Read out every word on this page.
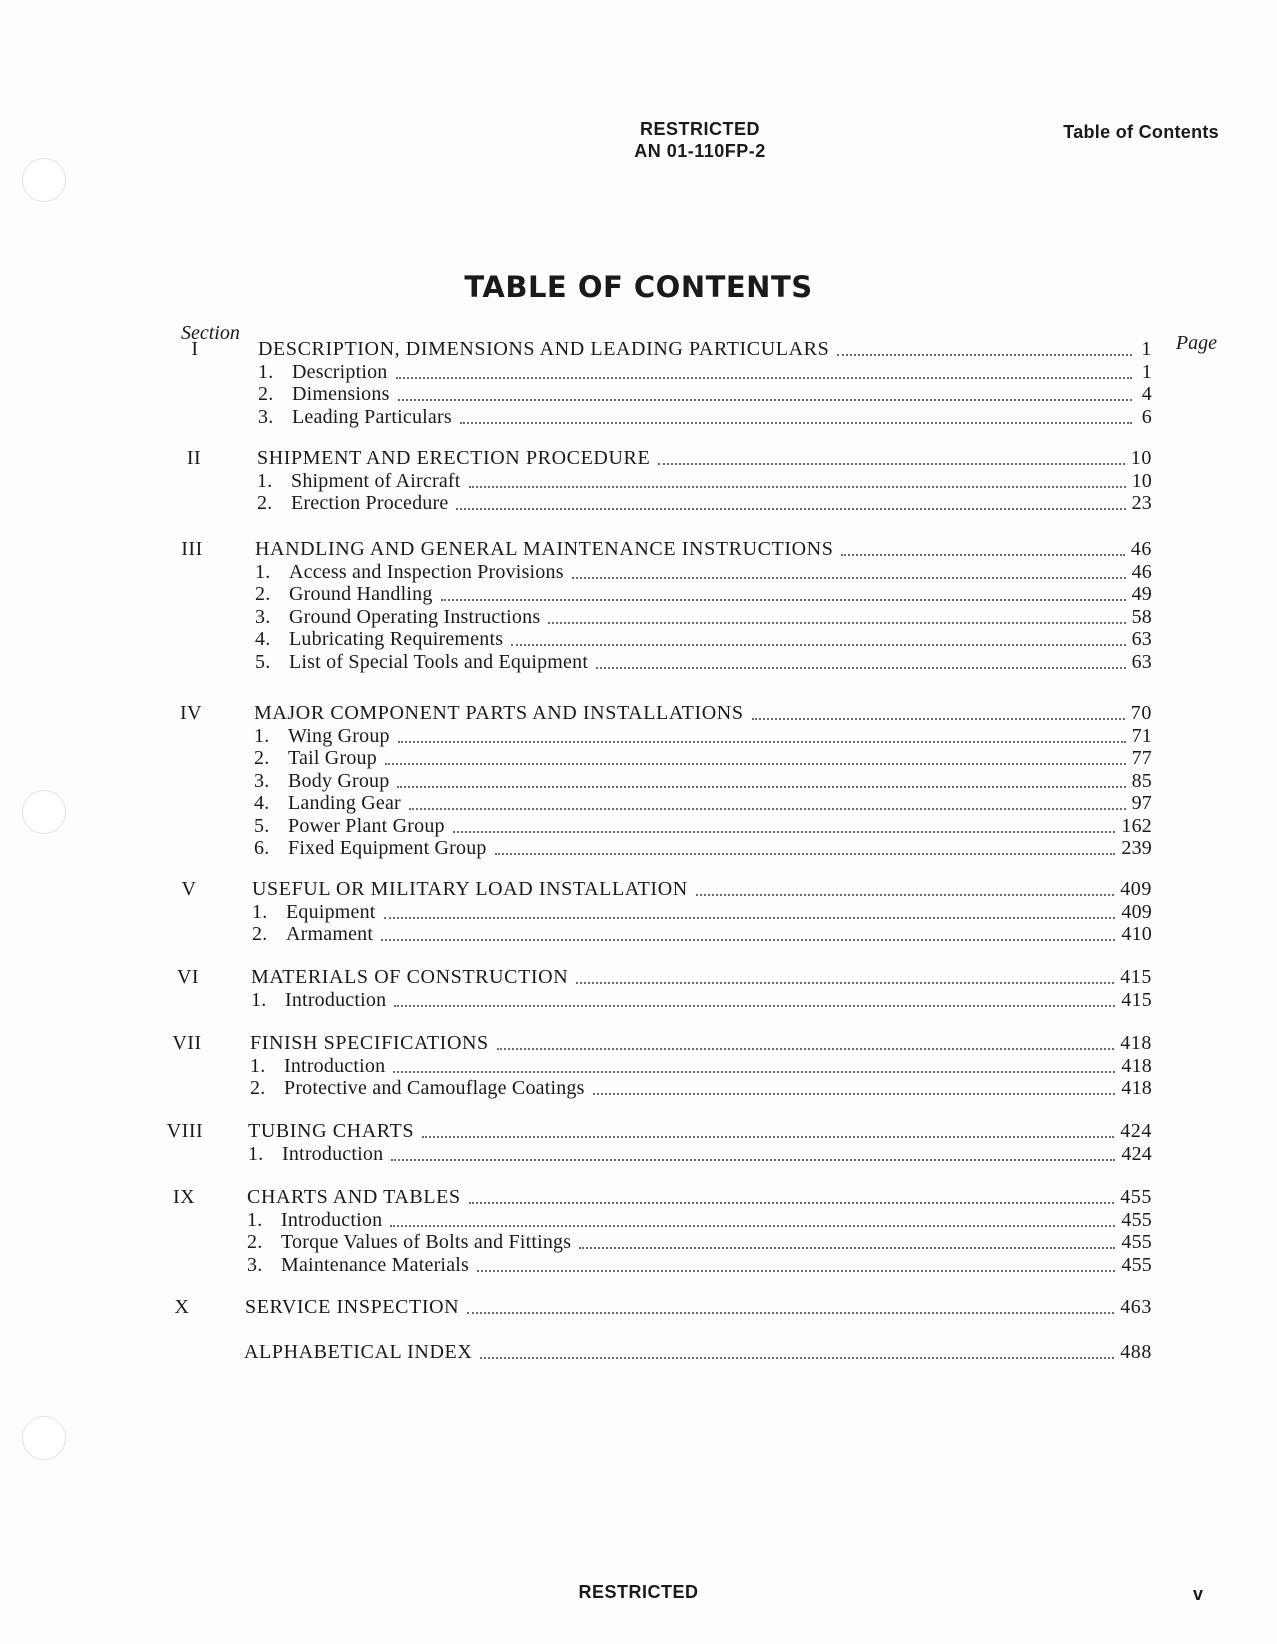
RESTRICTED
AN 01-110FP-2
Table of Contents
TABLE OF CONTENTS
Section	Page
I	DESCRIPTION, DIMENSIONS AND LEADING PARTICULARS	1
1. Description	1
2. Dimensions	4
3. Leading Particulars	6
II	SHIPMENT AND ERECTION PROCEDURE	10
1. Shipment of Aircraft	10
2. Erection Procedure	23
III	HANDLING AND GENERAL MAINTENANCE INSTRUCTIONS	46
1. Access and Inspection Provisions	46
2. Ground Handling	49
3. Ground Operating Instructions	58
4. Lubricating Requirements	63
5. List of Special Tools and Equipment	63
IV	MAJOR COMPONENT PARTS AND INSTALLATIONS	70
1. Wing Group	71
2. Tail Group	77
3. Body Group	85
4. Landing Gear	97
5. Power Plant Group	162
6. Fixed Equipment Group	239
V	USEFUL OR MILITARY LOAD INSTALLATION	409
1. Equipment	409
2. Armament	410
VI	MATERIALS OF CONSTRUCTION	415
1. Introduction	415
VII	FINISH SPECIFICATIONS	418
1. Introduction	418
2. Protective and Camouflage Coatings	418
VIII	TUBING CHARTS	424
1. Introduction	424
IX	CHARTS AND TABLES	455
1. Introduction	455
2. Torque Values of Bolts and Fittings	455
3. Maintenance Materials	455
X	SERVICE INSPECTION	463
ALPHABETICAL INDEX	488
RESTRICTED	v
